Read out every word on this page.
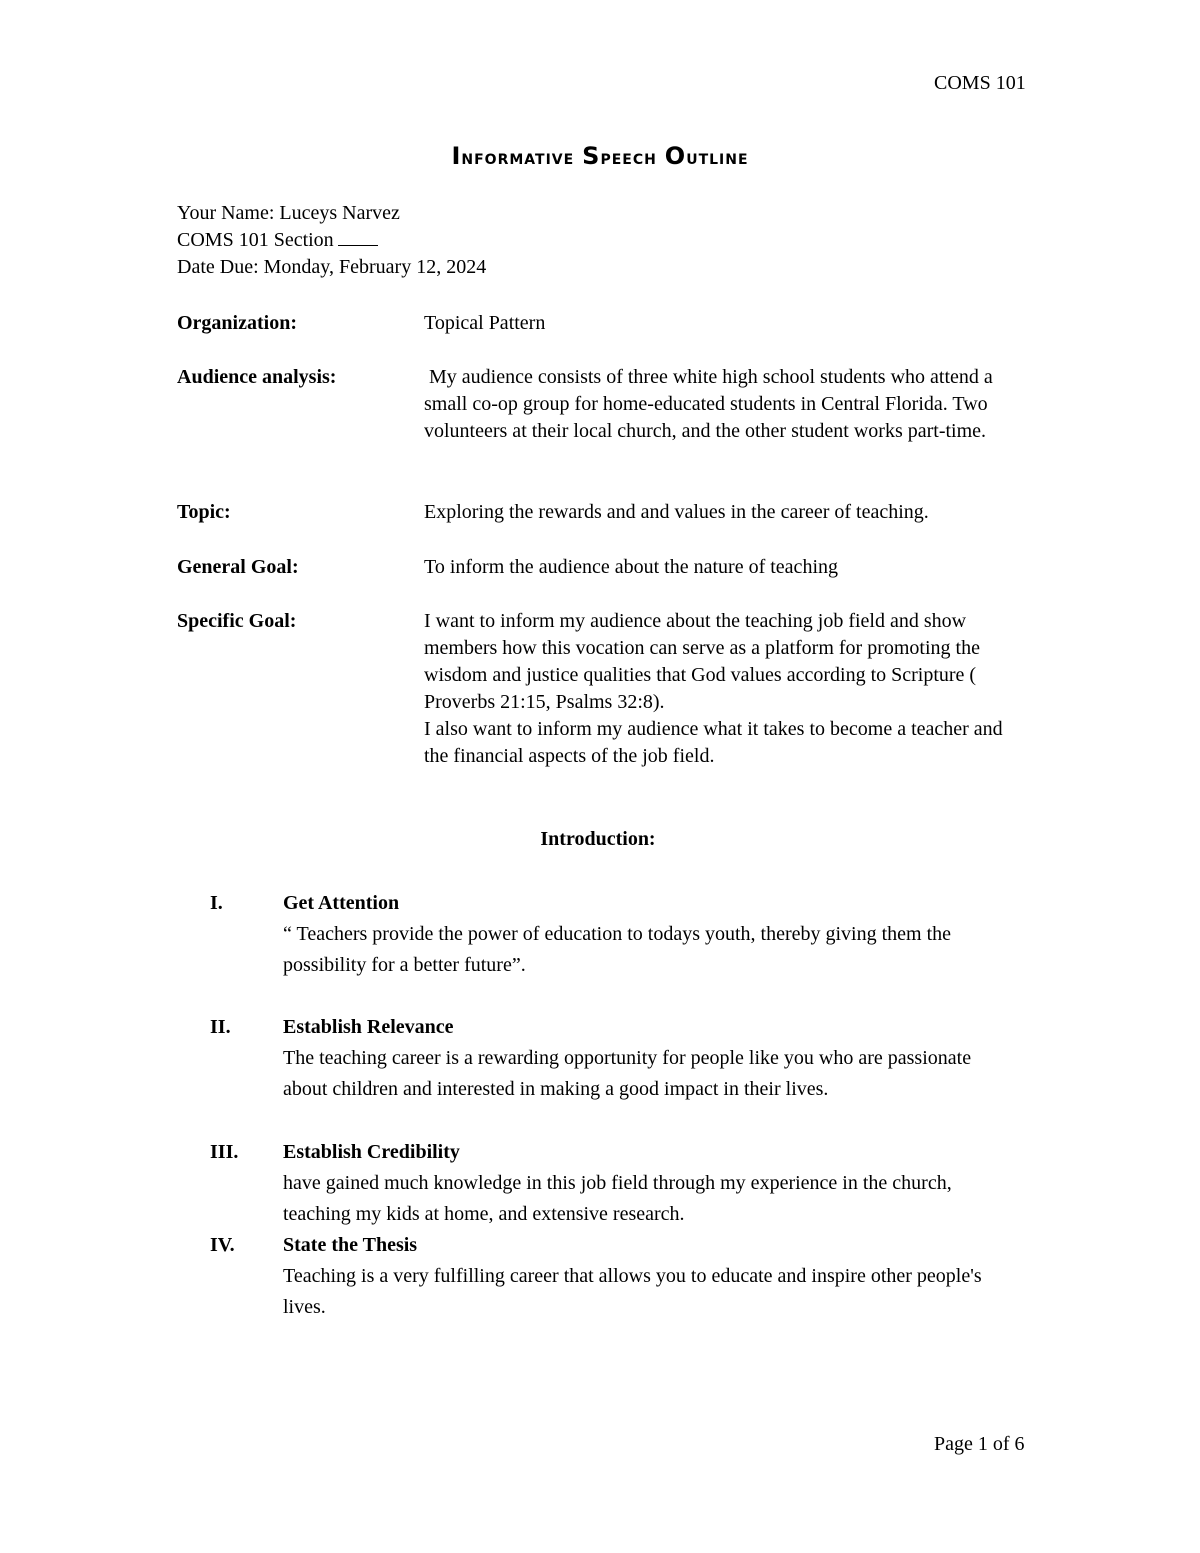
COMS 101
Informative Speech Outline
Your Name: Luceys Narvez
COMS 101 Section
Date Due: Monday, February 12, 2024
Organization:	Topical Pattern
Audience analysis:	My audience consists of three white high school students who attend a small co-op group for home-educated students in Central Florida. Two volunteers at their local church, and the other student works part-time.
Topic:	Exploring the rewards and and values in the career of teaching.
General Goal:	To inform the audience about the nature of teaching
Specific Goal:	I want to inform my audience about the teaching job field and show members how this vocation can serve as a platform for promoting the wisdom and justice qualities that God values according to Scripture ( Proverbs 21:15, Psalms 32:8).

I also want to inform my audience what it takes to become a teacher and the financial aspects of the job field.

Introduction:
I.	Get Attention
“ Teachers provide the power of education to todays youth, thereby giving them the possibility for a better future”.
II.	Establish Relevance
The teaching career is a rewarding opportunity for people like you who are passionate about children and interested in making a good impact in their lives.
III. Establish Credibility
have gained much knowledge in this job field through my experience in the church, teaching my kids at home, and extensive research.
IV. State the Thesis
Teaching is a very fulfilling career that allows you to educate and inspire other people's lives.
Page 1 of 6
